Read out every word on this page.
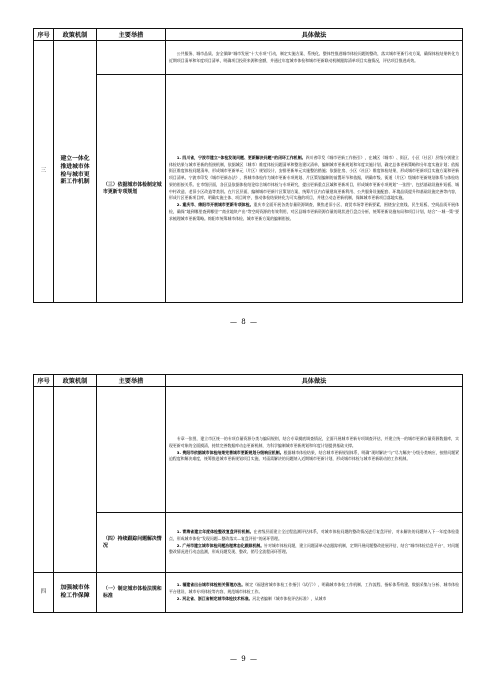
序号	政策机制	主要举措	具体做法
三	建立一体化推进城市体检与城市更新工作机制		公共服务、城市品质、安全保障”城市发展“十大专项”行动，制定实施方案、系统化、整体性推进城市体检问题的整改，落实城市更新行动方案，确保体检结果转化为近期项目清单和年度项目清单，明确项目投资来源和金额，并通过年度城市体检和城市更新联动机制跟踪清单项目实施情况，评估项目推进成效。

		（三）依据城市体检制定城市更新专项规划	1. 四川省，宁波市建立“体检发现问题、更新解决问题”的闭环工作机制。四川省印发《城市更新工作指引》，在城区（城市）、街区、小区（社区）层级分别建立体检结果与城市更新的衔接机制，依据城区（城市）维度体检问题清单和整治建议清单，编制城市更新规划和年度实施计划，确定总体更新策略和分年度实施计划；依据街区维度体检问题清单，形成城市更新单元（片区）规划设计，安排更新单元实施整治措施；依据住房、小区（社区）维度体检结果，形成城市更新项目实施方案和更新项目清单。宁波市印发《城市更新办法》，将城市体检作为城市更新专项规划、片区策划编制的前置环节和依据，明确市级、街道（片区）级城市更新规划体系与体检结果的衔接关系。在市级层面，各区县依据体检结论综合城市体检与专项研究，提出更新重点区域和更新项目，形成城市更新专项规划“一张图”，包括基础设施补短板、城中村改造、老旧小区改造等类别。在片区层面，编制城市更新片区策划方案，统筹片区内存量建筑更新利用、公共服务设施配套、环境品质提升和基础设施完善等内容，形成片区更新项目库，明确实施主体、项目时序，推动体检结果转化为可实施的项目，并建立动态更新机制，保障城市更新项目落地实施。

2. 重庆市、绵阳市开展城市更新专项体检。重庆市全面开展各类存量资源调查，聚焦老旧小区、商贸市场等更新要素，围绕安全底线、民生短板、空间品质开展体检，确保“地到哪里查到哪里”“商业地块产出”等空间资源的有效利用，对区县城市更新资源存量的现状进行盘点分析，统筹更新设施布局和项目计划，结合“一城一策”要求梳理城市更新策略。绵阳市统筹城市体检、城市更新方案的编制衔接。

— 8 —
序号	政策机制	主要举措	具体做法

			专章一张图，建立市区统一的专项存量资源分类与编码规则，结合专章摸底调查情况，全面开展城市更新专项调查评估，并建立统一的城市更新存量资源数据库，实现更新对象的全面摸清，持续完善数据库动态更新机制，为科学编制城市更新规划和年度计划提供基础支撑。

3. 贵阳市依据城市体检结果完善城市更新规划分级响应机制。根据城市体检结果，结合城市更新规划体系，明确“现时解决”与“尽力解决”分级分类响应，按照问题紧迫程度和解决难度，统筹推进城市更新规划项目实施，对亟需解决的问题纳入近期城市更新计划，形成城市体检与城市更新联动的工作机制。

		（四）持续跟踪问题解决情况	1. 青海省建立年度体检整改复盘评价机制。在省级层面建立全过程监测评估体系，对城市体检问题的整改情况进行复盘评价，对未解决的问题纳入下一年度体检重点，形成城市体检“发现问题—整改落实—复盘评价”的闭环管理。

2. 广州市建立城市体检问题治理常态化跟踪机制。针对城市体检问题，建立问题清单动态跟踪机制，定期开展问题整改进展评估，结合“城市体检信息平台”，对问题整改情况进行动态监测，形成问题发现、整改、销号全流程闭环管理。

四	加强城市体检工作保障	（一）制定城市体检法规和标准	1. 福建省出台城市体检相关管理办法。制定《福建省城市体检工作指引（试行）》，明确城市体检工作机制、工作流程、指标体系构建、数据采集与分析、城市体检平台建设、城市专项体检等内容，规范城市体检工作。

2. 河北省、浙江省制定城市体检技术标准。河北省编制《城市体检评估标准》，从城市

— 9 —
